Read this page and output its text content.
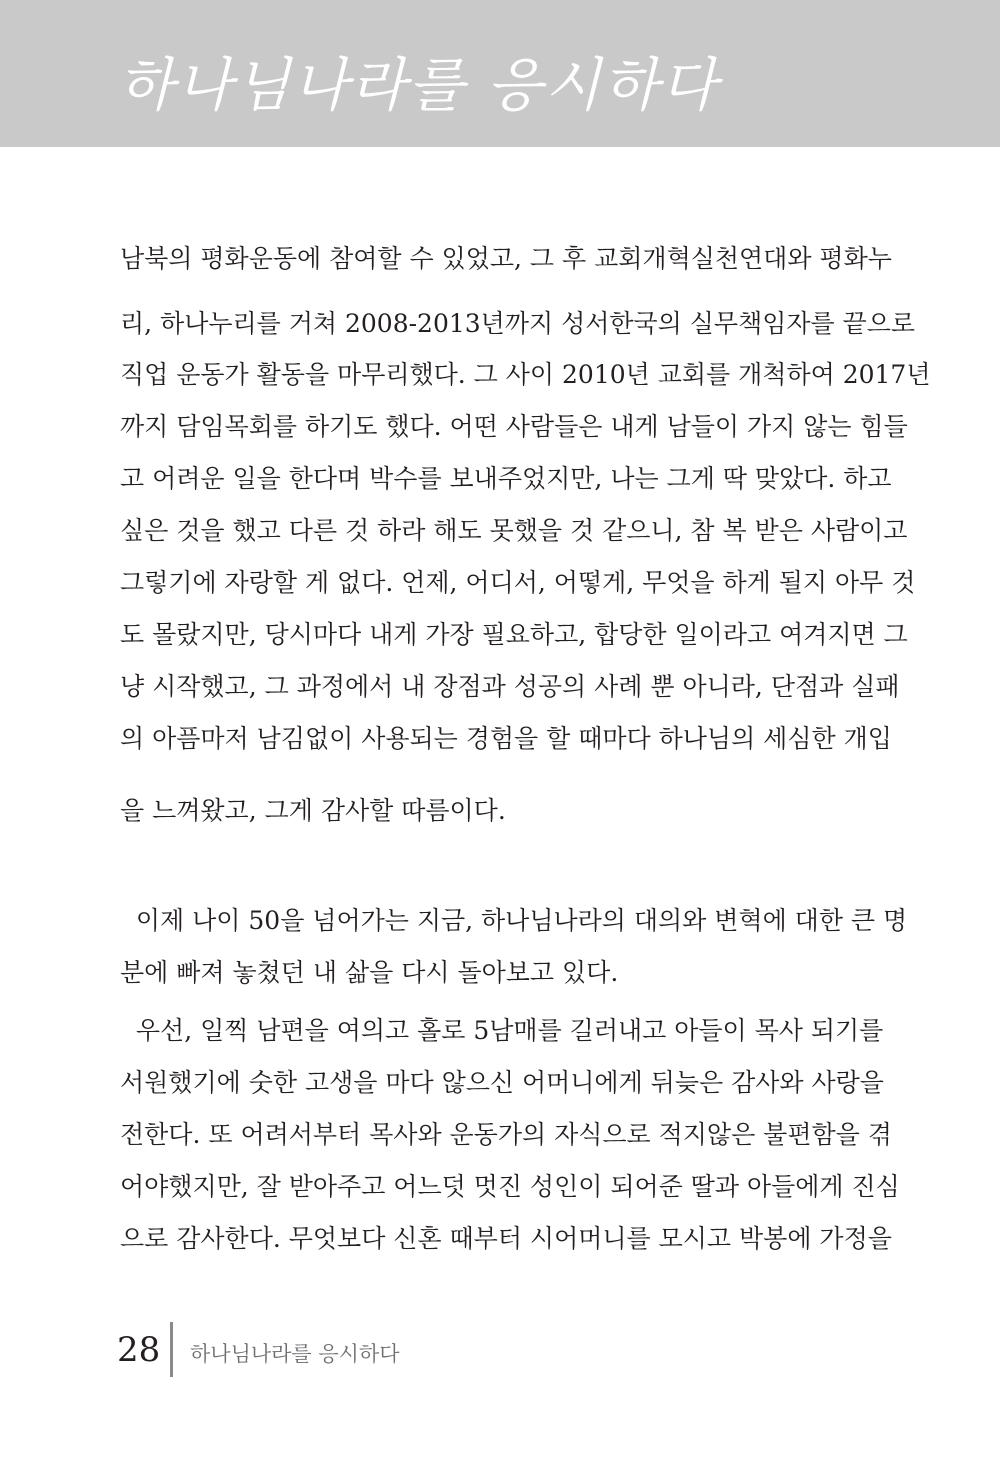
하나님나라를 응시하다
남북의 평화운동에 참여할 수 있었고, 그 후 교회개혁실천연대와 평화누
리, 하나누리를 거쳐 2008-2013년까지 성서한국의 실무책임자를 끝으로
직업 운동가 활동을 마무리했다. 그 사이 2010년 교회를 개척하여 2017년
까지 담임목회를 하기도 했다. 어떤 사람들은 내게 남들이 가지 않는 힘들
고 어려운 일을 한다며 박수를 보내주었지만, 나는 그게 딱 맞았다. 하고
싶은 것을 했고 다른 것 하라 해도 못했을 것 같으니, 참 복 받은 사람이고
그렇기에 자랑할 게 없다. 언제, 어디서, 어떻게, 무엇을 하게 될지 아무 것
도 몰랐지만, 당시마다 내게 가장 필요하고, 합당한 일이라고 여겨지면 그
냥 시작했고, 그 과정에서 내 장점과 성공의 사례 뿐 아니라, 단점과 실패
의 아픔마저 남김없이 사용되는 경험을 할 때마다 하나님의 세심한 개입
을 느껴왔고, 그게 감사할 따름이다.
이제 나이 50을 넘어가는 지금, 하나님나라의 대의와 변혁에 대한 큰 명
분에 빠져 놓쳤던 내 삶을 다시 돌아보고 있다.
우선, 일찍 남편을 여의고 홀로 5남매를 길러내고 아들이 목사 되기를
서원했기에 숫한 고생을 마다 않으신 어머니에게 뒤늦은 감사와 사랑을
전한다. 또 어려서부터 목사와 운동가의 자식으로 적지않은 불편함을 겪
어야했지만, 잘 받아주고 어느덧 멋진 성인이 되어준 딸과 아들에게 진심
으로 감사한다. 무엇보다 신혼 때부터 시어머니를 모시고 박봉에 가정을
28 하나님나라를 응시하다
